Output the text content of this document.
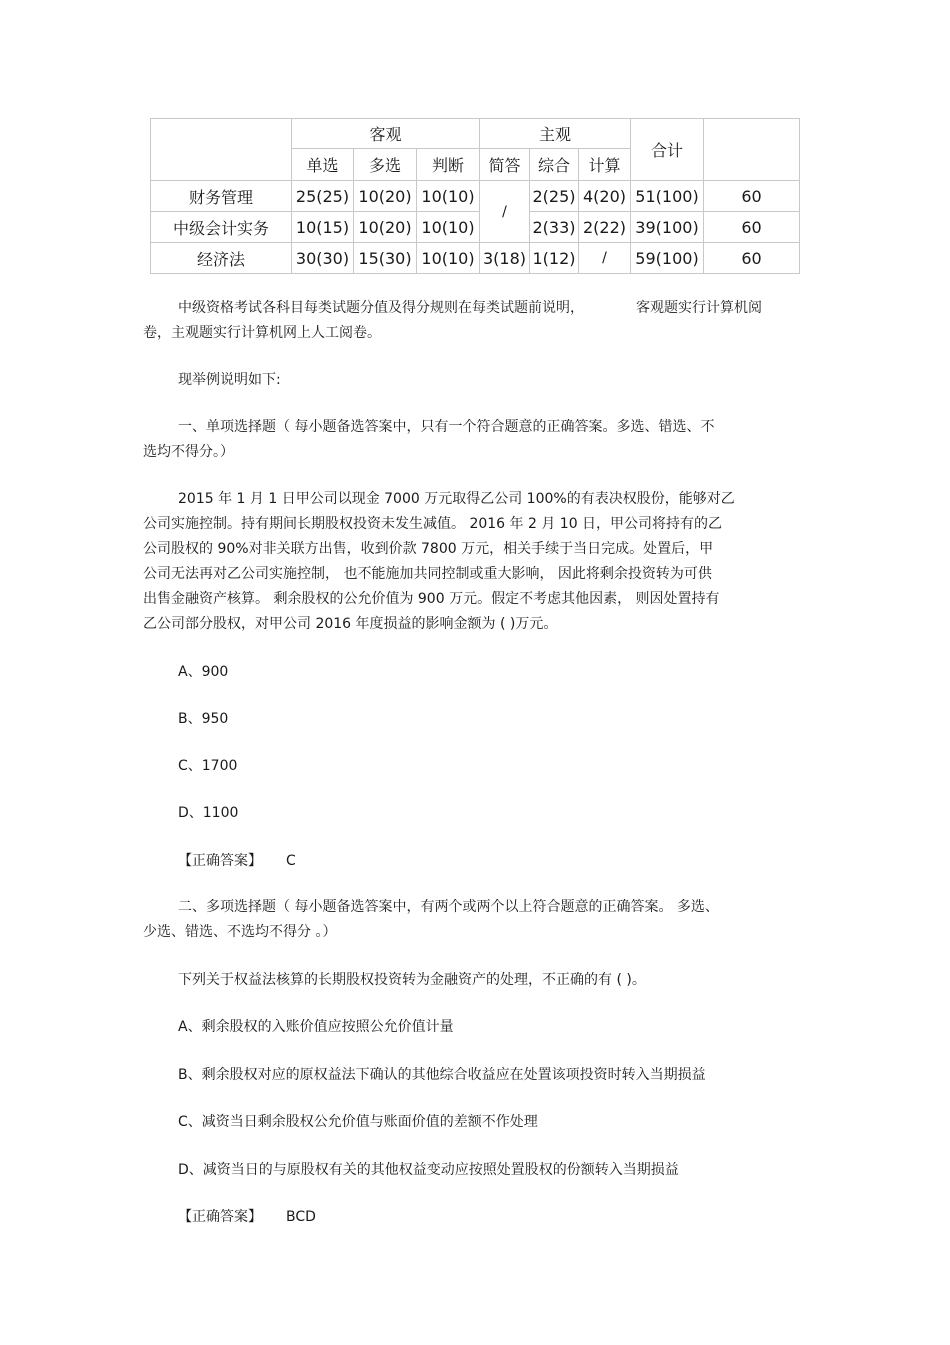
	客观			主观			合计	
	单选	多选	判断	简答	综合	计算		
财务管理	25(25)	10(20)	10(10)	/	2(25)	4(20)	51(100)	60
中级会计实务	10(15)	10(20)	10(10)		2(33)	2(22)	39(100)	60
经济法	30(30)	15(30)	10(10)	3(18)	1(12)	/	59(100)	60
中级资格考试各科目每类试题分值及得分规则在每类试题前说明，	客观题实行计算机阅
卷，主观题实行计算机网上人工阅卷。
现举例说明如下:
一、单项选择题（ 每小题备选答案中，只有一个符合题意的正确答案。多选、错选、不
选均不得分。）
2015 年 1 月 1 日甲公司以现金 7000 万元取得乙公司 100%的有表决权股份，能够对乙
公司实施控制。持有期间长期股权投资未发生减值。 2016 年 2 月 10 日，甲公司将持有的乙
公司股权的 90%对非关联方出售，收到价款 7800 万元，相关手续于当日完成。处置后，甲
公司无法再对乙公司实施控制， 也不能施加共同控制或重大影响， 因此将剩余投资转为可供
出售金融资产核算。 剩余股权的公允价值为 900 万元。假定不考虑其他因素， 则因处置持有
乙公司部分股权，对甲公司 2016 年度损益的影响金额为 ( )万元。
A、900
B、950
C、1700
D、1100
【正确答案】 C
二、多项选择题（ 每小题备选答案中，有两个或两个以上符合题意的正确答案。 多选、
少选、错选、不选均不得分 。）
下列关于权益法核算的长期股权投资转为金融资产的处理，不正确的有 ( )。
A、剩余股权的入账价值应按照公允价值计量
B、剩余股权对应的原权益法下确认的其他综合收益应在处置该项投资时转入当期损益
C、减资当日剩余股权公允价值与账面价值的差额不作处理
D、减资当日的与原股权有关的其他权益变动应按照处置股权的份额转入当期损益
【正确答案】 BCD
